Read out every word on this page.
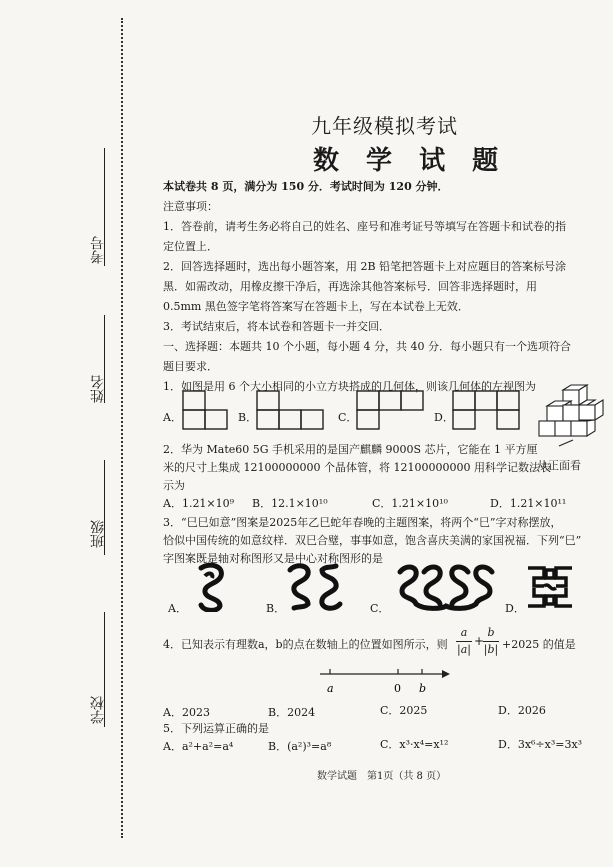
考号
姓名
班级
学校
九年级模拟考试
数 学 试 题
本试卷共 8 页，满分为 150 分．考试时间为 120 分钟．
注意事项：
1．答卷前，请考生务必将自己的姓名、座号和准考证号等填写在答题卡和试卷的指
定位置上．
2．回答选择题时，选出每小题答案，用 2B 铅笔把答题卡上对应题目的答案标号涂
黑．如需改动，用橡皮擦干净后，再选涂其他答案标号．回答非选择题时，用
0.5mm 黑色签字笔将答案写在答题卡上，写在本试卷上无效．
3．考试结束后，将本试卷和答题卡一并交回．
一、选择题：本题共 10 个小题，每小题 4 分，共 40 分．每小题只有一个选项符合
题目要求．
1．如图是用 6 个大小相同的小立方块搭成的几何体，则该几何体的左视图为
A．	B．	C．	D．
从正面看
2．华为 Mate60 5G 手机采用的是国产麒麟 9000S 芯片，它能在 1 平方厘
米的尺寸上集成 12100000000 个晶体管，将 12100000000 用科学记数法表
示为
A．1.21×10⁹ B．12.1×10¹⁰	C．1.21×10¹⁰	D．1.21×10¹¹
3．“巳巳如意”图案是2025年乙巳蛇年春晚的主题图案，将两个“巳”字对称摆放，
恰似中国传统的如意纹样．双巳合璧，事事如意，饱含喜庆美满的家国祝福．下列“巳”
字图案既是轴对称图形又是中心对称图形的是
A．	B．	C．	D．
4．已知表示有理数a，b的点在数轴上的位置如图所示，则
a
|a|
+
b
|b| +2025 的值是
a	0 b
A．2023	B．2024	C．2025	D．2026
5．下列运算正确的是
A．a²+a²=a⁴	B．(a²)³=a⁸	C．x³·x⁴=x¹²	D．3x⁶÷x³=3x³
数学试题　第1页（共 8 页）
